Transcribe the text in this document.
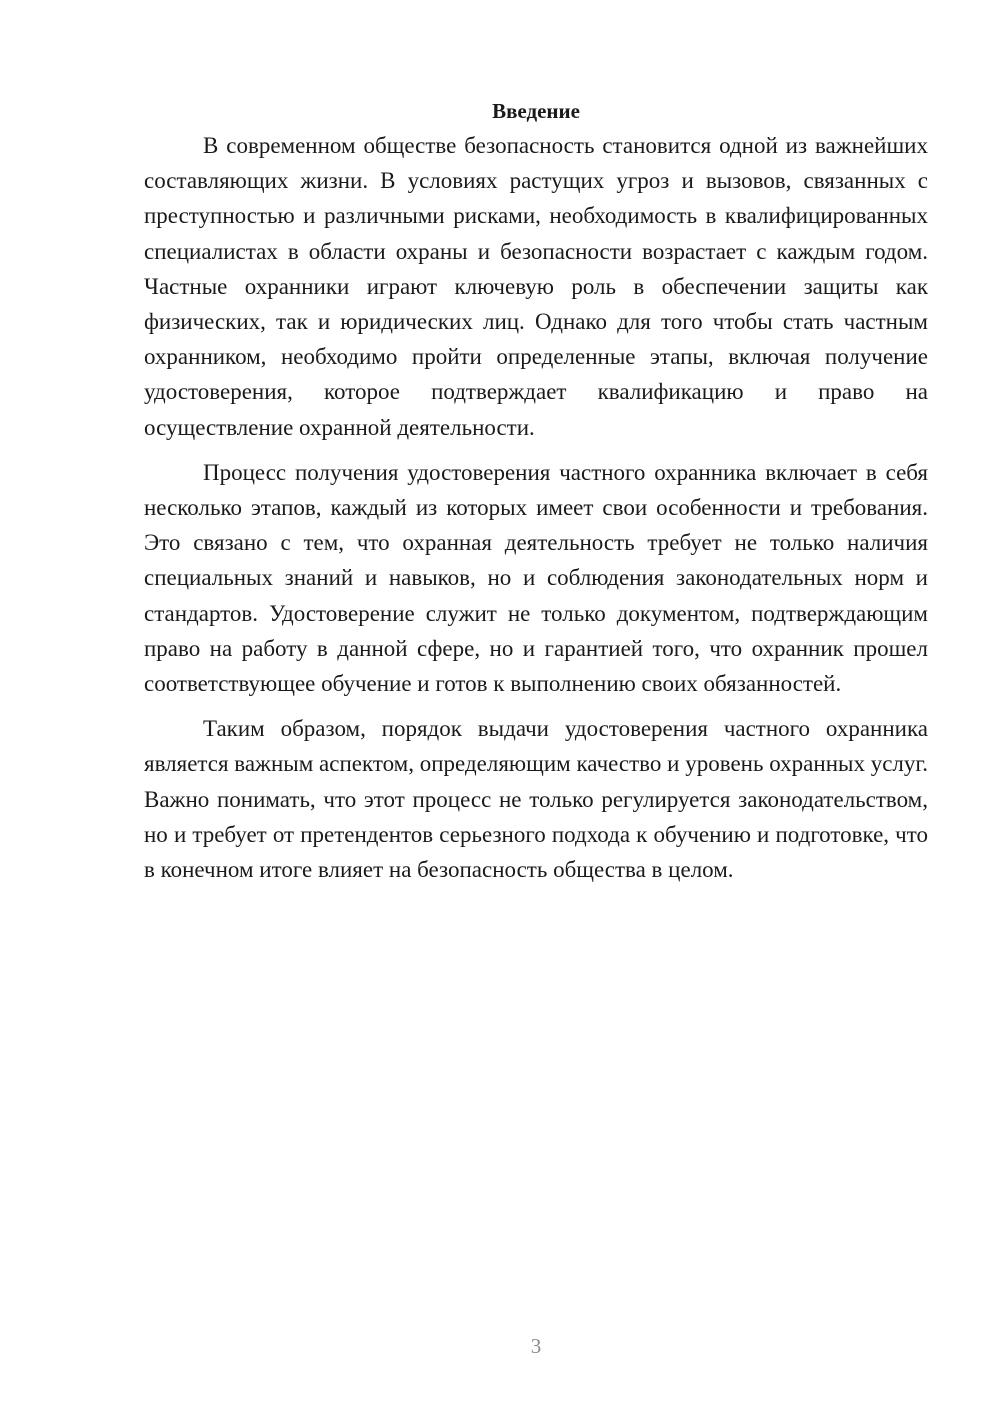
Введение

В современном обществе безопасность становится одной из важнейших составляющих жизни. В условиях растущих угроз и вызовов, связанных с преступностью и различными рисками, необходимость в квалифицированных специалистах в области охраны и безопасности возрастает с каждым годом. Частные охранники играют ключевую роль в обеспечении защиты как физических, так и юридических лиц. Однако для того чтобы стать частным охранником, необходимо пройти определенные этапы, включая получение удостоверения, которое подтверждает квалификацию и право на осуществление охранной деятельности.

Процесс получения удостоверения частного охранника включает в себя несколько этапов, каждый из которых имеет свои особенности и требования. Это связано с тем, что охранная деятельность требует не только наличия специальных знаний и навыков, но и соблюдения законодательных норм и стандартов. Удостоверение служит не только документом, подтверждающим право на работу в данной сфере, но и гарантией того, что охранник прошел соответствующее обучение и готов к выполнению своих обязанностей.

Таким образом, порядок выдачи удостоверения частного охранника является важным аспектом, определяющим качество и уровень охранных услуг. Важно понимать, что этот процесс не только регулируется законодательством, но и требует от претендентов серьезного подхода к обучению и подготовке, что в конечном итоге влияет на безопасность общества в целом.

3
